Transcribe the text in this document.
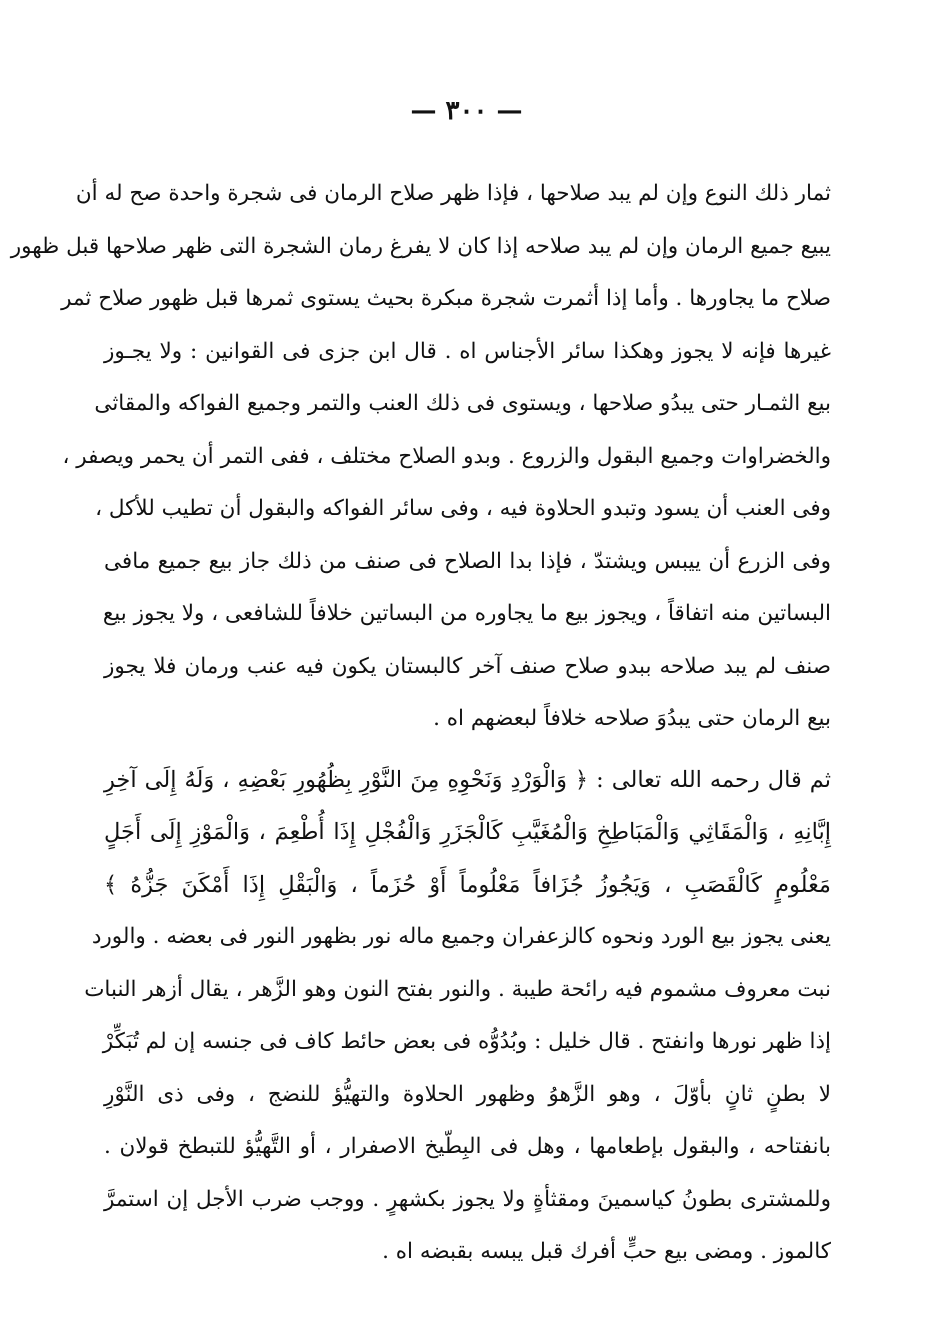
— ٣٠٠ —
ثمار ذلك النوع وإن لم يبد صلاحها ، فإذا ظهر صلاح الرمان فى شجرة واحدة صح له أن
يبيع جميع الرمان وإن لم يبد صلاحه إذا كان لا يفرغ رمان الشجرة التى ظهر صلاحها قبل ظهور
صلاح ما يجاورها . وأما إذا أثمرت شجرة مبكرة بحيث يستوى ثمرها قبل ظهور صلاح ثمر
غيرها فإنه لا يجوز وهكذا سائر الأجناس اه . قال ابن جزى فى القوانين : ولا يجـوز
بيع الثمـار حتى يبدُو صلاحها ، ويستوى فى ذلك العنب والتمر وجميع الفواكه والمقاثى
والخضراوات وجميع البقول والزروع . وبدو الصلاح مختلف ، ففى التمر أن يحمر ويصفر ،
وفى العنب أن يسود وتبدو الحلاوة فيه ، وفى سائر الفواكه والبقول أن تطيب للأكل ،
وفى الزرع أن ييبس ويشتدّ ، فإذا بدا الصلاح فى صنف من ذلك جاز بيع جميع مافى
البساتين منه اتفاقاً ، ويجوز بيع ما يجاوره من البساتين خلافاً للشافعى ، ولا يجوز بيع
صنف لم يبد صلاحه ببدو صلاح صنف آخر كالبستان يكون فيه عنب ورمان فلا يجوز
بيع الرمان حتى يبدُوَ صلاحه خلافاً لبعضهم اه .
ثم قال رحمه الله تعالى : ﴿ وَالْوَرْدِ وَنَحْوِهِ مِنَ النَّوْرِ بِظُهُورِ بَعْضِهِ ، وَلَهُ إِلَى آخِرِ
إِبَّانِهِ ، وَالْمَقَاثِي وَالْمَبَاطِخِ وَالْمُغَيَّبِ كَالْجَزَرِ وَالْفُجْلِ إِذَا أُطْعِمَ ، وَالْمَوْزِ إِلَى أَجَلٍ
مَعْلُومٍ كَالْقَصَبِ ، وَيَجُوزُ جُزَافاً مَعْلُوماً أَوْ حُزَماً ، وَالْبَقْلِ إِذَا أَمْكَنَ جَزُّهُ ﴾
يعنى يجوز بيع الورد ونحوه كالزعفران وجميع ماله نور بظهور النور فى بعضه . والورد
نبت معروف مشموم فيه رائحة طيبة . والنور بفتح النون وهو الزَّهر ، يقال أزهر النبات
إذا ظهر نورها وانفتح . قال خليل : وبُدُوُّه فى بعض حائط كاف فى جنسه إن لم تُبَكِّرْ
لا بطنٍ ثانٍ بأوّلَ ، وهو الزَّهوُ وظهور الحلاوة والتهيُّؤ للنضج ، وفى ذى النَّوْرِ
بانفتاحه ، والبقول بإطعامها ، وهل فى البِطّيخ الاصفرار ، أو التَّهيُّؤ للتبطخ قولان .
وللمشترى بطونُ كياسمينَ ومقثأةٍ ولا يجوز بكشهرٍ . ووجب ضرب الأجل إن استمرَّ
كالموز . ومضى بيع حبٍّ أفرك قبل يبسه بقبضه اه .
